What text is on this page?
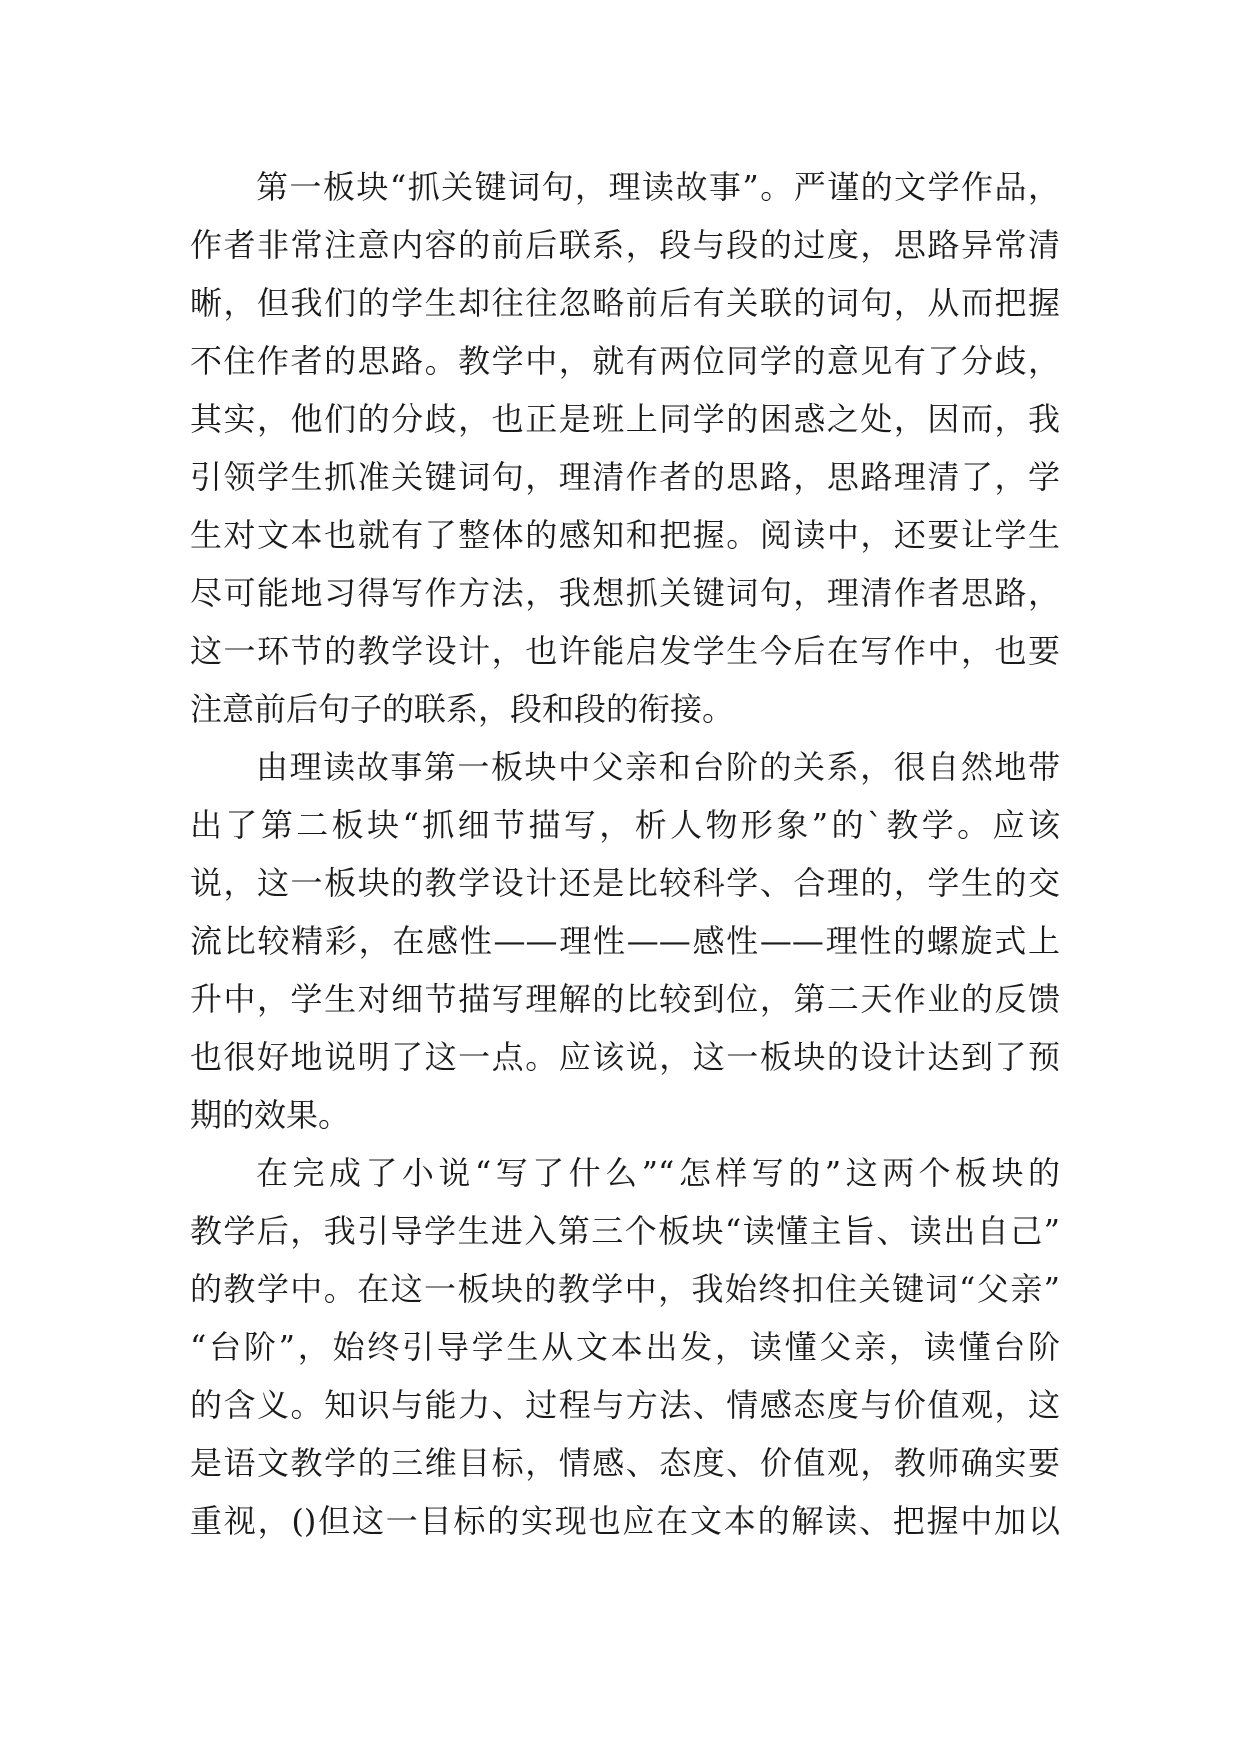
第一板块“抓关键词句，理读故事”。严谨的文学作品，
作者非常注意内容的前后联系，段与段的过度，思路异常清
晰，但我们的学生却往往忽略前后有关联的词句，从而把握
不住作者的思路。教学中，就有两位同学的意见有了分歧，
其实，他们的分歧，也正是班上同学的困惑之处，因而，我
引领学生抓准关键词句，理清作者的思路，思路理清了，学
生对文本也就有了整体的感知和把握。阅读中，还要让学生
尽可能地习得写作方法，我想抓关键词句，理清作者思路，
这一环节的教学设计，也许能启发学生今后在写作中，也要
注意前后句子的联系，段和段的衔接。
由理读故事第一板块中父亲和台阶的关系，很自然地带
出了第二板块“抓细节描写，析人物形象”的`教学。应该
说，这一板块的教学设计还是比较科学、合理的，学生的交
流比较精彩，在感性——理性——感性——理性的螺旋式上
升中，学生对细节描写理解的比较到位，第二天作业的反馈
也很好地说明了这一点。应该说，这一板块的设计达到了预
期的效果。
在完成了小说“写了什么”“怎样写的”这两个板块的
教学后，我引导学生进入第三个板块“读懂主旨、读出自己”
的教学中。在这一板块的教学中，我始终扣住关键词“父亲”
“台阶”，始终引导学生从文本出发，读懂父亲，读懂台阶
的含义。知识与能力、过程与方法、情感态度与价值观，这
是语文教学的三维目标，情感、态度、价值观，教师确实要
重视，()但这一目标的实现也应在文本的解读、把握中加以
